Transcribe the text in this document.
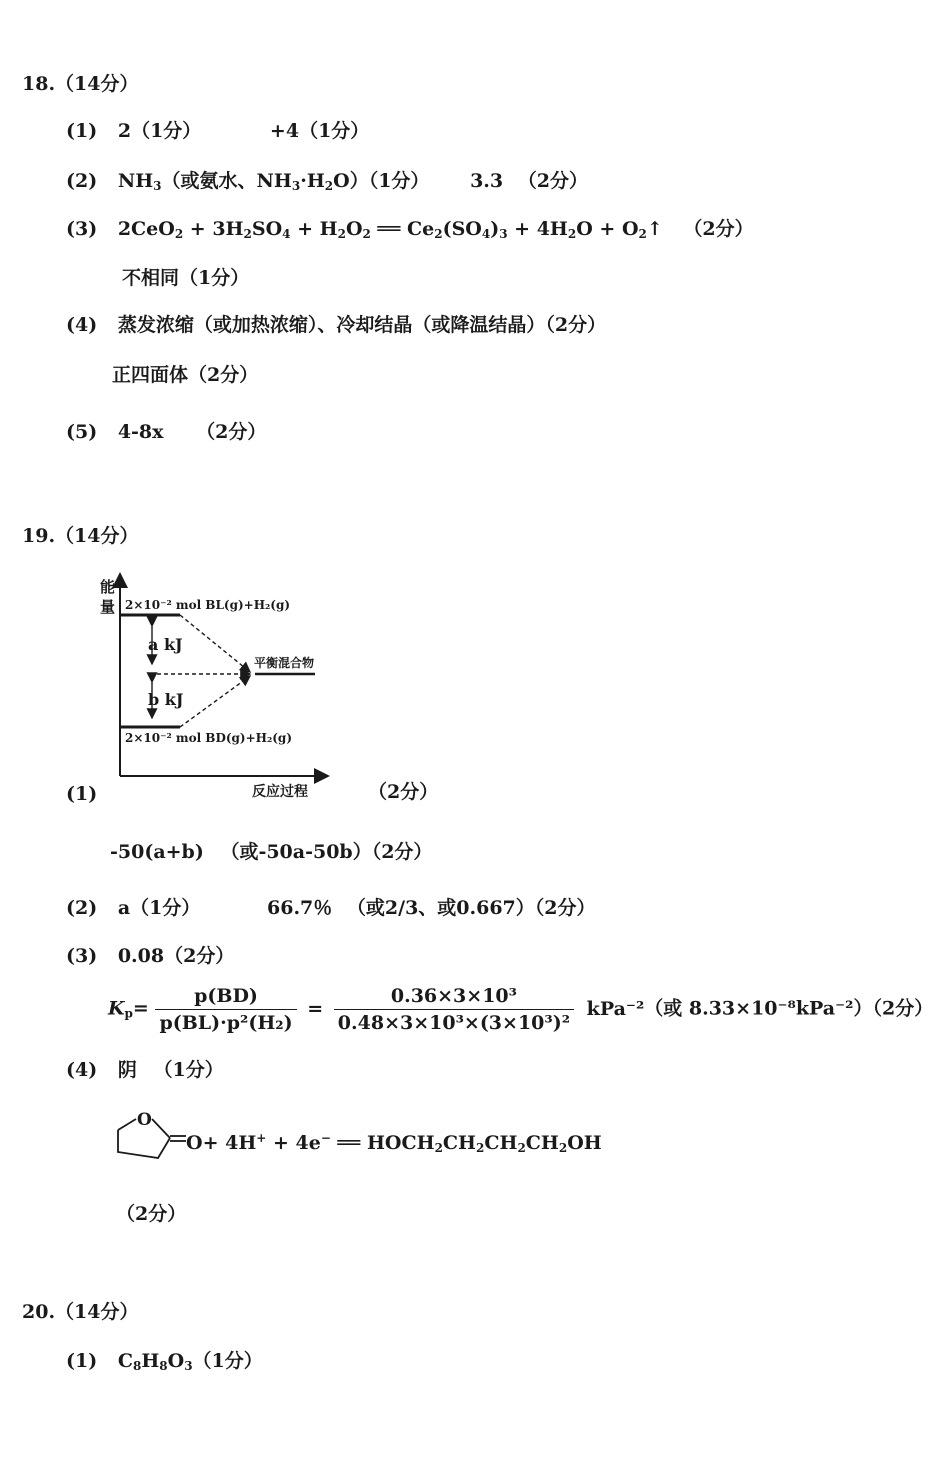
18.（14分）
(1) 2（1分）	+4（1分）
(2) $NH_3$（或氨水、$NH_3\cdot H_2O)(1$分） 3.3 （2分）
(3) $2CeO_2 + 3H_2SO_4 + H_2O_2$ ══ $Ce_2(SO_4)_3 + 4H_2O$ + $O_2↑$ （2分）
不相同（1分）
(4) 蒸发浓缩（或加热浓缩）、冷却结晶（或降温结晶）（2分）
正四面体（2分）
(5) 4-8x （2分）
19.（14分）
能
量 2×10⁻² mol BL(g)+H₂(g)
2×10⁻² mol BD(g)+H₂(g)
平衡混合物
a kJ
b kJ
反应过程
(1)	（2分）
-50(a+b) （或-50a-50b）（2分）
(2) a（1分）	66.7％ （或2/3、或0.667）（2分）
(3) 0.08（2分）
$K_p= \frac{p(BD)}{\text{p(BL)·p²(H₂)}} = \frac{\text{0.36×3×10³}}{\text{0.48×3×10³×(3×10³)²}} kPa^{-2}$（或 8.33×10⁻⁸kPa⁻²）（2分）
(4) 阴 （1分）
O
O+ 4H+ + 4e− ══ $HOCH_2CH_2CH_2CH_2OH$
（2分）
20.（14分）
(1) $C_8H_8O_3(1$分）
